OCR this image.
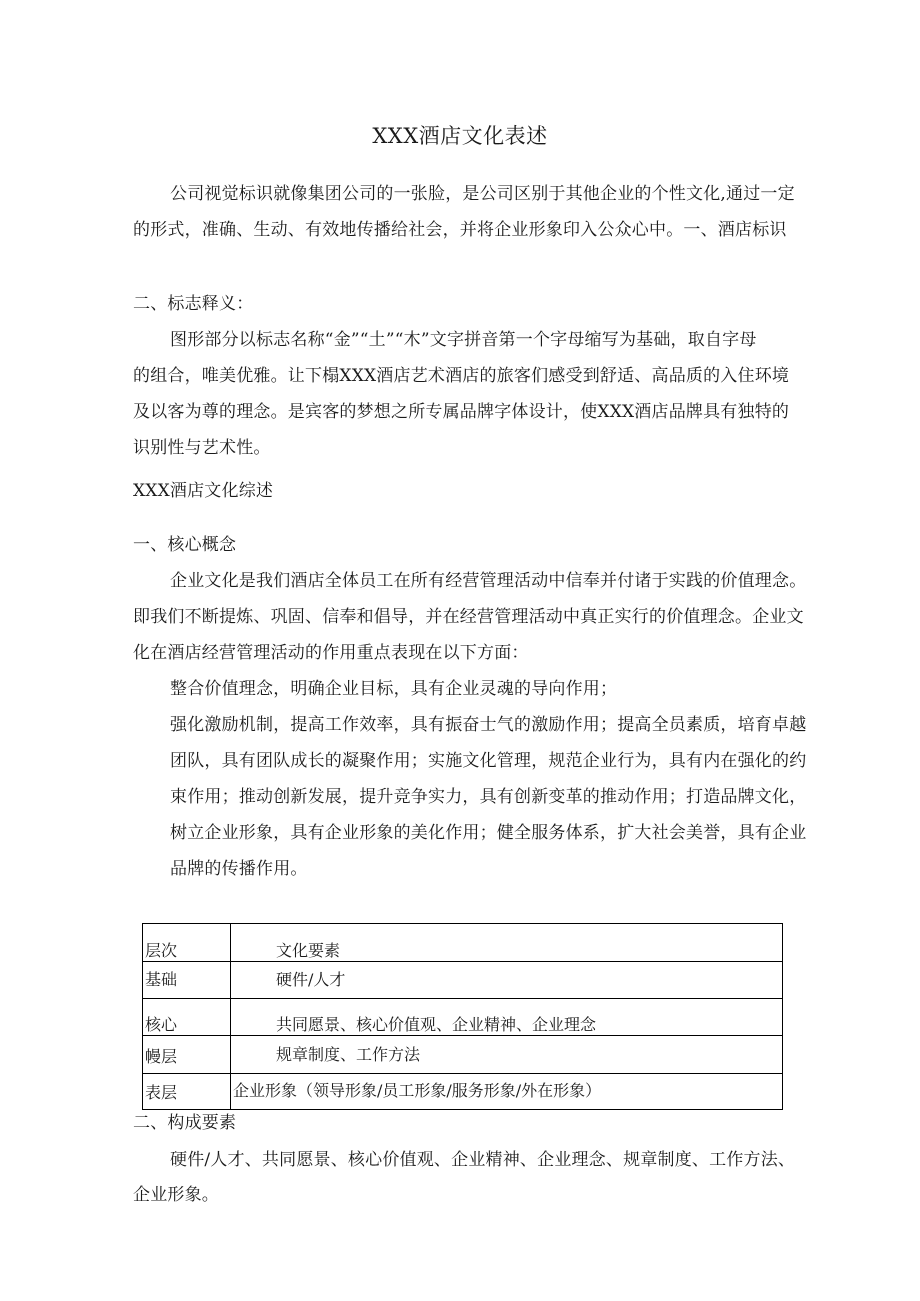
XXX酒店文化表述
公司视觉标识就像集团公司的一张脸，是公司区别于其他企业的个性文化,通过一定
的形式，准确、生动、有效地传播给社会，并将企业形象印入公众心中。一、酒店标识
二、标志释义：
图形部分以标志名称“金”“土”“木”文字拼音第一个字母缩写为基础，取自字母
的组合，唯美优雅。让下榻XXX酒店艺术酒店的旅客们感受到舒适、高品质的入住环境
及以客为尊的理念。是宾客的梦想之所专属品牌字体设计，使XXX酒店品牌具有独特的
识别性与艺术性。
XXX酒店文化综述
一、核心概念
企业文化是我们酒店全体员工在所有经营管理活动中信奉并付诸于实践的价值理念。
即我们不断提炼、巩固、信奉和倡导，并在经营管理活动中真正实行的价值理念。企业文
化在酒店经营管理活动的作用重点表现在以下方面：
整合价值理念，明确企业目标，具有企业灵魂的导向作用；
强化激励机制，提高工作效率，具有振奋士气的激励作用；提高全员素质，培育卓越
团队，具有团队成长的凝聚作用；实施文化管理，规范企业行为，具有内在强化的约
束作用；推动创新发展，提升竞争实力，具有创新变革的推动作用；打造品牌文化，
树立企业形象，具有企业形象的美化作用；健全服务体系，扩大社会美誉，具有企业
品牌的传播作用。
层次	文化要素
基础	硬件/人才
核心	共同愿景、核心价值观、企业精神、企业理念
幔层	规章制度、工作方法
表层	企业形象（领导形象/员工形象/服务形象/外在形象）
二、构成要素
硬件/人才、共同愿景、核心价值观、企业精神、企业理念、规章制度、工作方法、
企业形象。
